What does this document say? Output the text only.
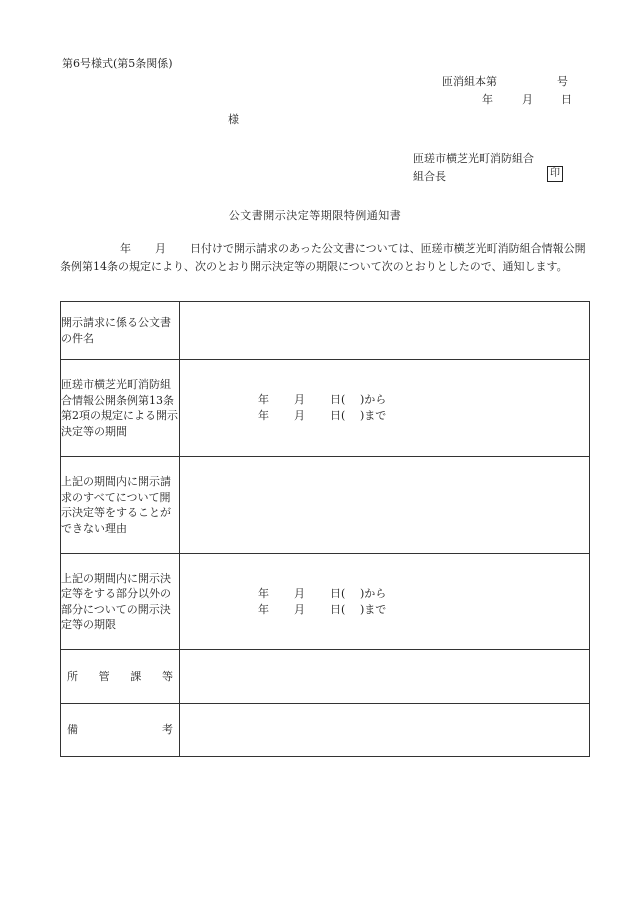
第6号様式(第5条関係)
匝消組本第	号
年	月	日
様
匝瑳市横芝光町消防組合
組合長	印
公文書開示決定等期限特例通知書
年 月 日付けで開示請求のあった公文書については、匝瑳市横芝光町消防組合情報公開条例第14条の規定により、次のとおり開示決定等の期限について次のとおりとしたので、通知します。
開示請求に係る公文書の件名	
匝瑳市横芝光町消防組合情報公開条例第13条第2項の規定による開示決定等の期間	年 月 日( )から
年 月 日( )まで

上記の期間内に開示請求のすべてについて開示決定等をすることができない理由	
上記の期間内に開示決定等をする部分以外の部分についての開示決定等の期限	年 月 日( )から
年 月 日( )まで

所 管 課 等	

備 考	
